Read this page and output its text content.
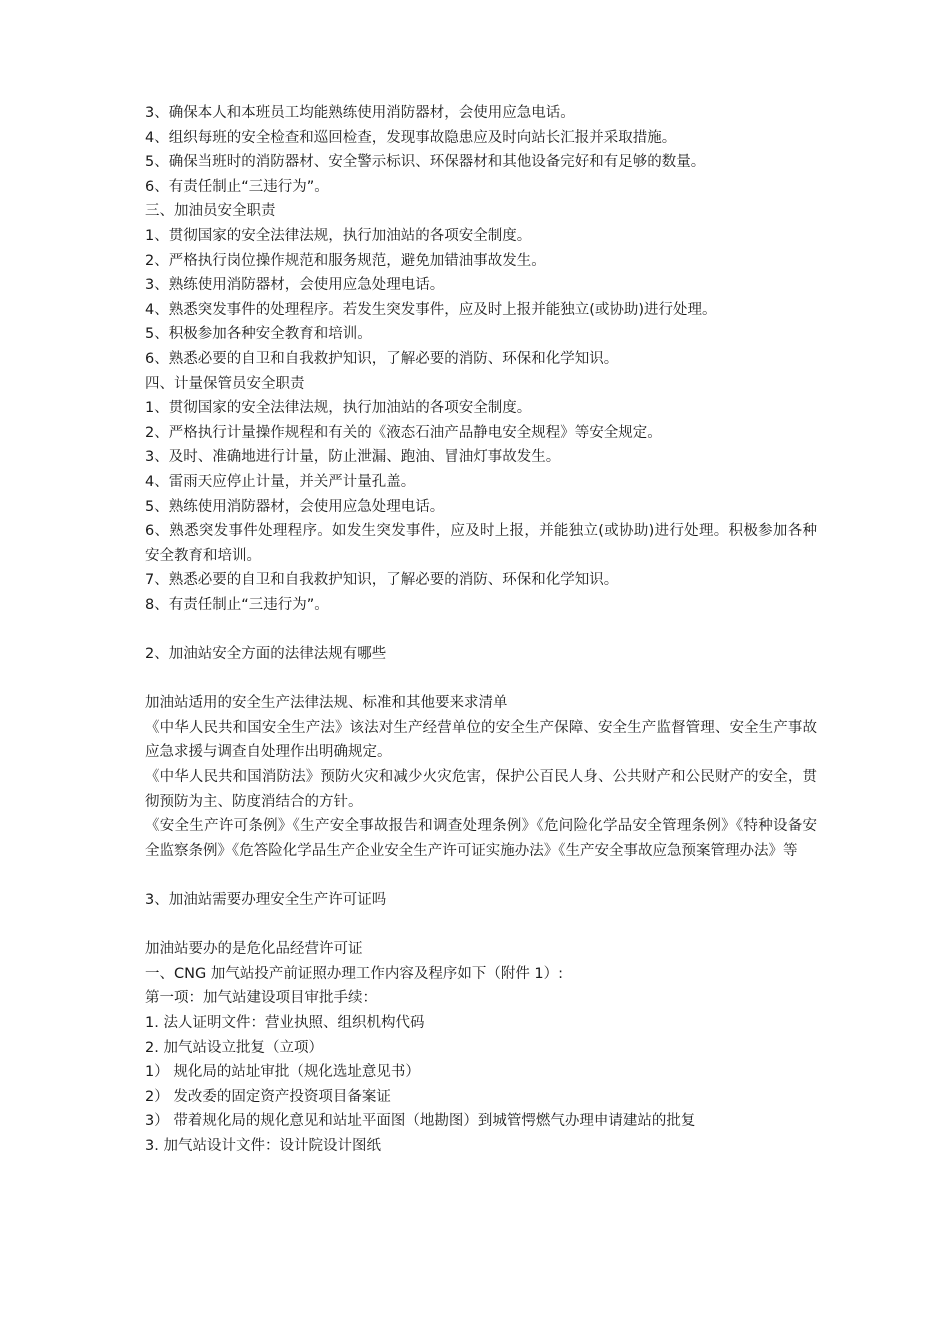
3、确保本人和本班员工均能熟练使用消防器材，会使用应急电话。
4、组织每班的安全检查和巡回检查，发现事故隐患应及时向站长汇报并采取措施。
5、确保当班时的消防器材、安全警示标识、环保器材和其他设备完好和有足够的数量。
6、有责任制止“三违行为”。
三、加油员安全职责
1、贯彻国家的安全法律法规，执行加油站的各项安全制度。
2、严格执行岗位操作规范和服务规范，避免加错油事故发生。
3、熟练使用消防器材，会使用应急处理电话。
4、熟悉突发事件的处理程序。若发生突发事件，应及时上报并能独立(或协助)进行处理。
5、积极参加各种安全教育和培训。
6、熟悉必要的自卫和自我救护知识，了解必要的消防、环保和化学知识。
四、计量保管员安全职责
1、贯彻国家的安全法律法规，执行加油站的各项安全制度。
2、严格执行计量操作规程和有关的《液态石油产品静电安全规程》等安全规定。
3、及时、准确地进行计量，防止泄漏、跑油、冒油灯事故发生。
4、雷雨天应停止计量，并关严计量孔盖。
5、熟练使用消防器材，会使用应急处理电话。
6、熟悉突发事件处理程序。如发生突发事件，应及时上报，并能独立(或协助)进行处理。积极参加各种安全教育和培训。
7、熟悉必要的自卫和自我救护知识，了解必要的消防、环保和化学知识。
8、有责任制止“三违行为”。
2、加油站安全方面的法律法规有哪些
加油站适用的安全生产法律法规、标准和其他要来求清单
《中华人民共和国安全生产法》该法对生产经营单位的安全生产保障、安全生产监督管理、安全生产事故应急求援与调查自处理作出明确规定。
《中华人民共和国消防法》预防火灾和减少火灾危害，保护公百民人身、公共财产和公民财产的安全，贯彻预防为主、防度消结合的方针。
《安全生产许可条例》《生产安全事故报告和调查处理条例》《危问险化学品安全管理条例》《特种设备安全监察条例》《危答险化学品生产企业安全生产许可证实施办法》《生产安全事故应急预案管理办法》等
3、加油站需要办理安全生产许可证吗
加油站要办的是危化品经营许可证
一、CNG 加气站投产前证照办理工作内容及程序如下（附件 1）:
第一项：加气站建设项目审批手续：
1. 法人证明文件：营业执照、组织机构代码
2. 加气站设立批复（立项）
1） 规化局的站址审批（规化选址意见书）
2） 发改委的固定资产投资项目备案证
3） 带着规化局的规化意见和站址平面图（地勘图）到城管愕燃气办理申请建站的批复
3. 加气站设计文件：设计院设计图纸
